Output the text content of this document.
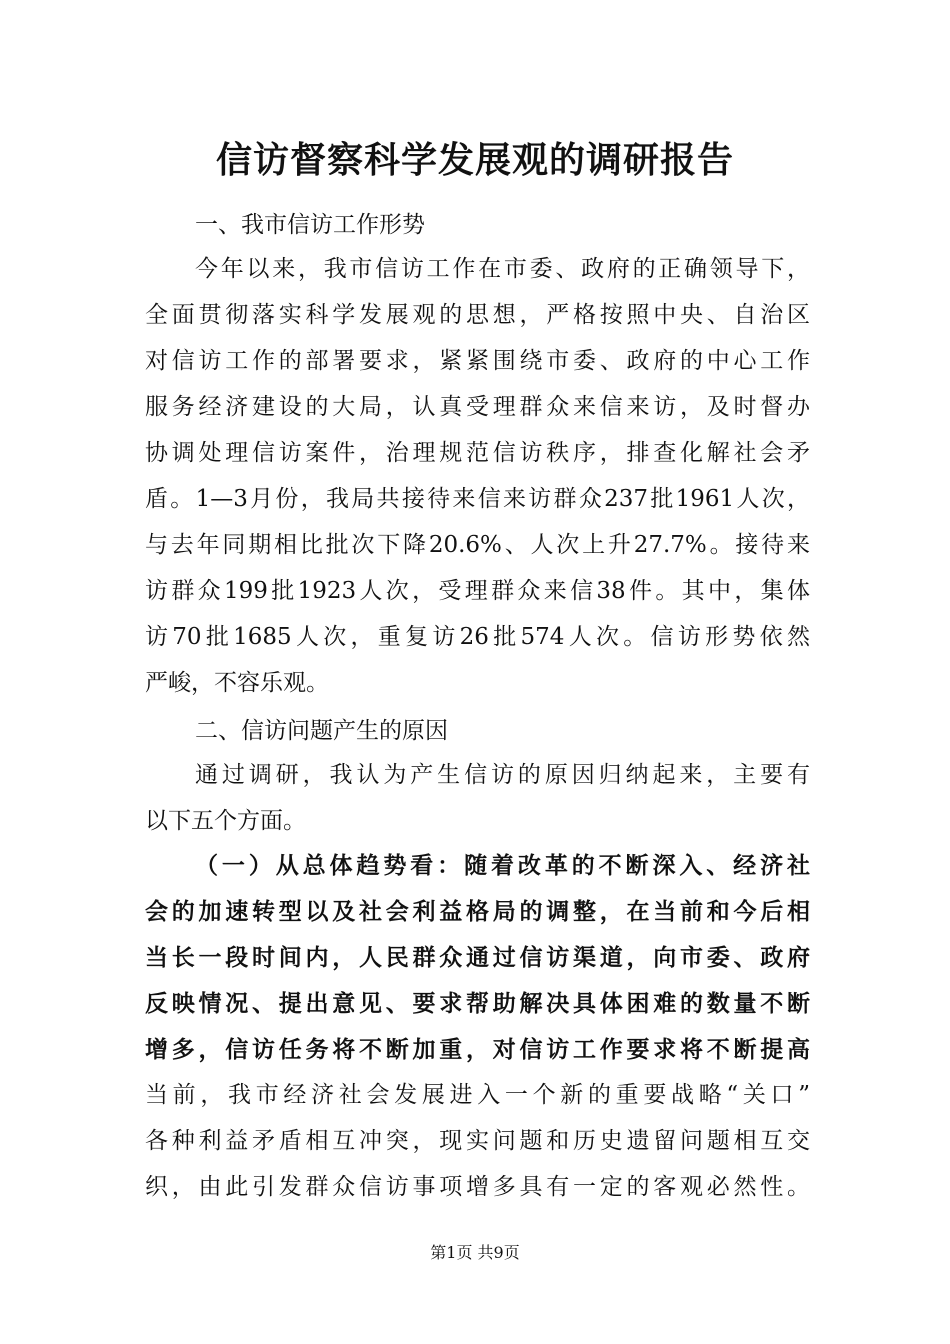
信访督察科学发展观的调研报告
一、我市信访工作形势
今年以来，我市信访工作在市委、政府的正确领导下，
全面贯彻落实科学发展观的思想，严格按照中央、自治区
对信访工作的部署要求，紧紧围绕市委、政府的中心工作
服务经济建设的大局，认真受理群众来信来访，及时督办
协调处理信访案件，治理规范信访秩序，排查化解社会矛
盾。1—3月份，我局共接待来信来访群众237批1961人次，
与去年同期相比批次下降20.6%、人次上升27.7%。接待来
访群众199批1923人次，受理群众来信38件。其中，集体
访70批1685人次，重复访26批574人次。信访形势依然
严峻，不容乐观。
二、信访问题产生的原因
通过调研，我认为产生信访的原因归纳起来，主要有
以下五个方面。
（一）从总体趋势看：随着改革的不断深入、经济社
会的加速转型以及社会利益格局的调整，在当前和今后相
当长一段时间内，人民群众通过信访渠道，向市委、政府
反映情况、提出意见、要求帮助解决具体困难的数量不断
增多，信访任务将不断加重，对信访工作要求将不断提高
当前，我市经济社会发展进入一个新的重要战略“关口”
各种利益矛盾相互冲突，现实问题和历史遗留问题相互交
织，由此引发群众信访事项增多具有一定的客观必然性。
第1页 共9页
